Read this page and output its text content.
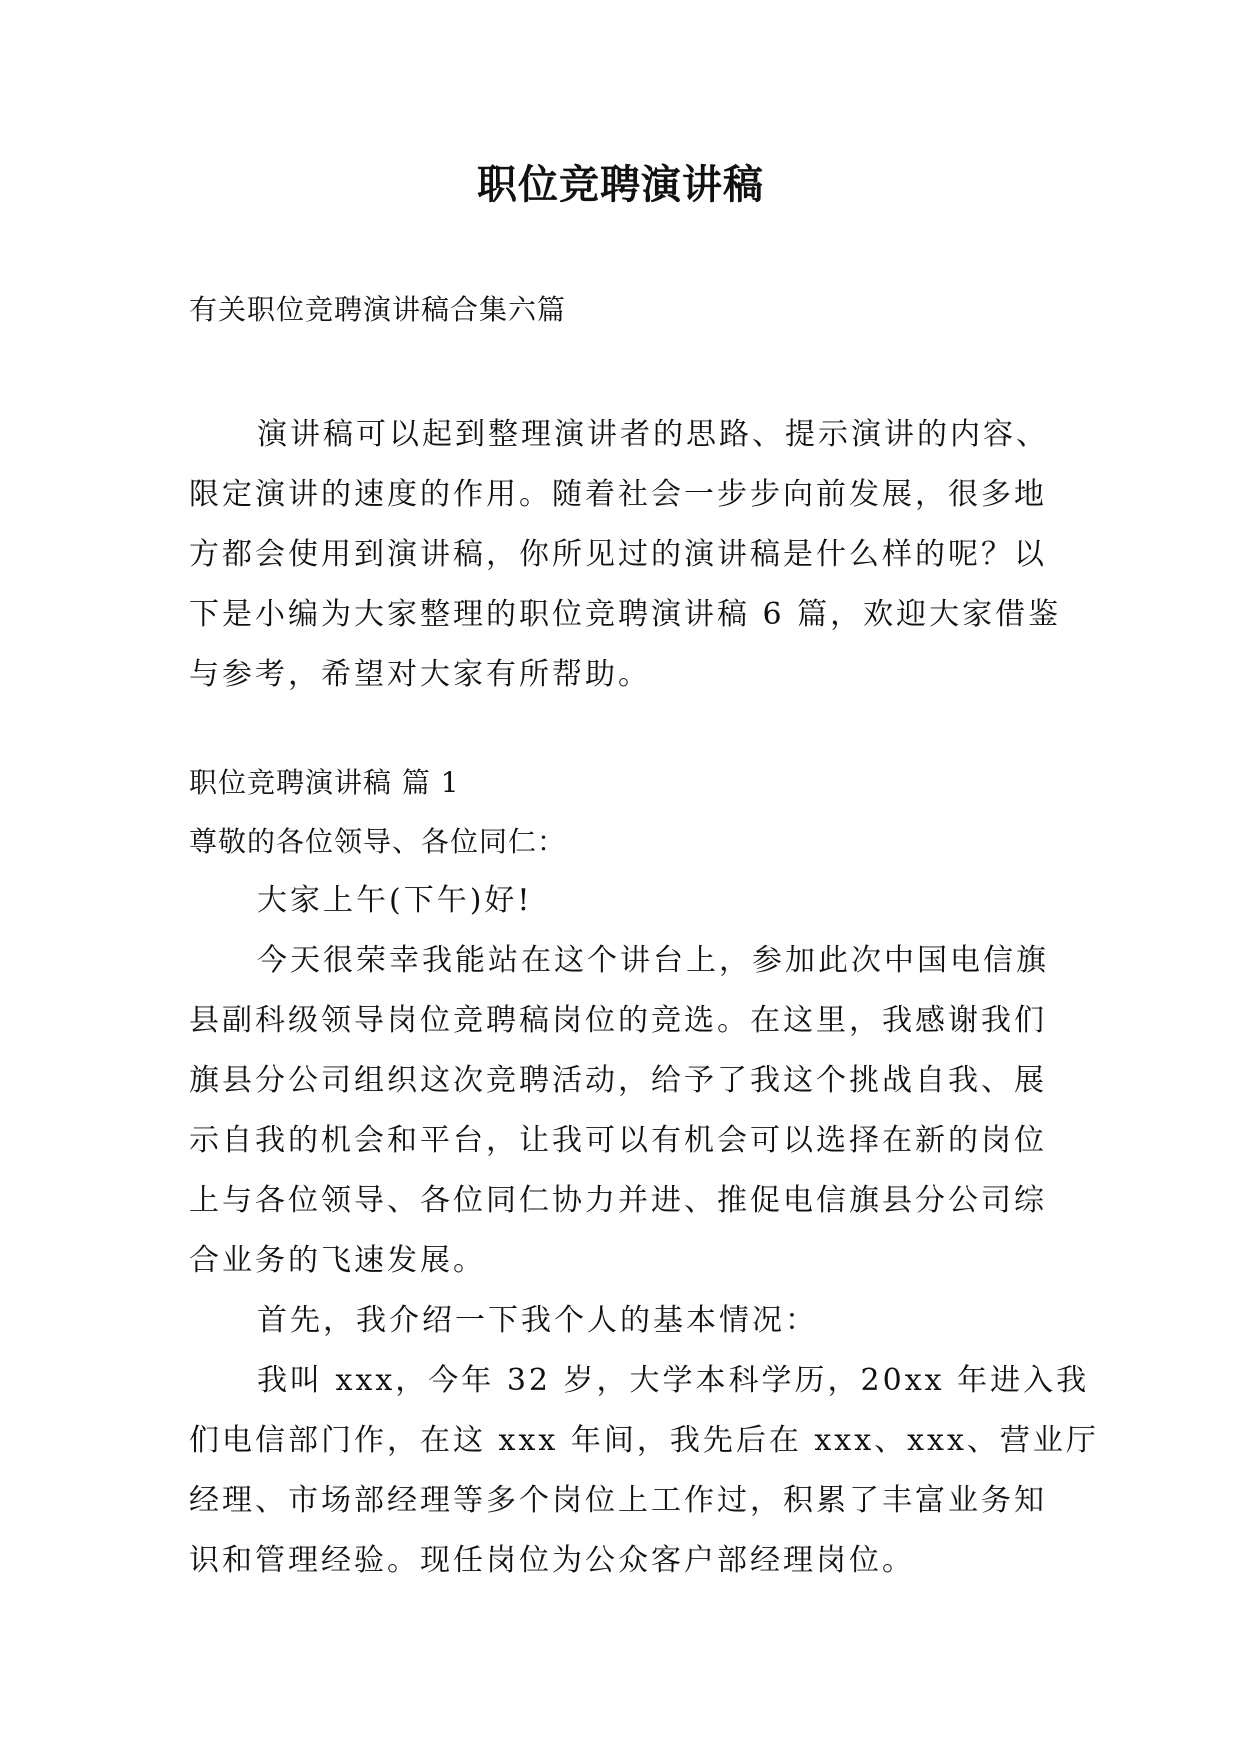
职位竞聘演讲稿
有关职位竞聘演讲稿合集六篇
演讲稿可以起到整理演讲者的思路、提示演讲的内容、
限定演讲的速度的作用。随着社会一步步向前发展，很多地
方都会使用到演讲稿，你所见过的演讲稿是什么样的呢？以
下是小编为大家整理的职位竞聘演讲稿 6 篇，欢迎大家借鉴
与参考，希望对大家有所帮助。
职位竞聘演讲稿 篇 1
尊敬的各位领导、各位同仁：
大家上午(下午)好!
今天很荣幸我能站在这个讲台上，参加此次中国电信旗
县副科级领导岗位竞聘稿岗位的竞选。在这里，我感谢我们
旗县分公司组织这次竞聘活动，给予了我这个挑战自我、展
示自我的机会和平台，让我可以有机会可以选择在新的岗位
上与各位领导、各位同仁协力并进、推促电信旗县分公司综
合业务的飞速发展。
首先，我介绍一下我个人的基本情况：
我叫 xxx，今年 32 岁，大学本科学历，20xx 年进入我
们电信部门作，在这 xxx 年间，我先后在 xxx、xxx、营业厅
经理、市场部经理等多个岗位上工作过，积累了丰富业务知
识和管理经验。现任岗位为公众客户部经理岗位。
